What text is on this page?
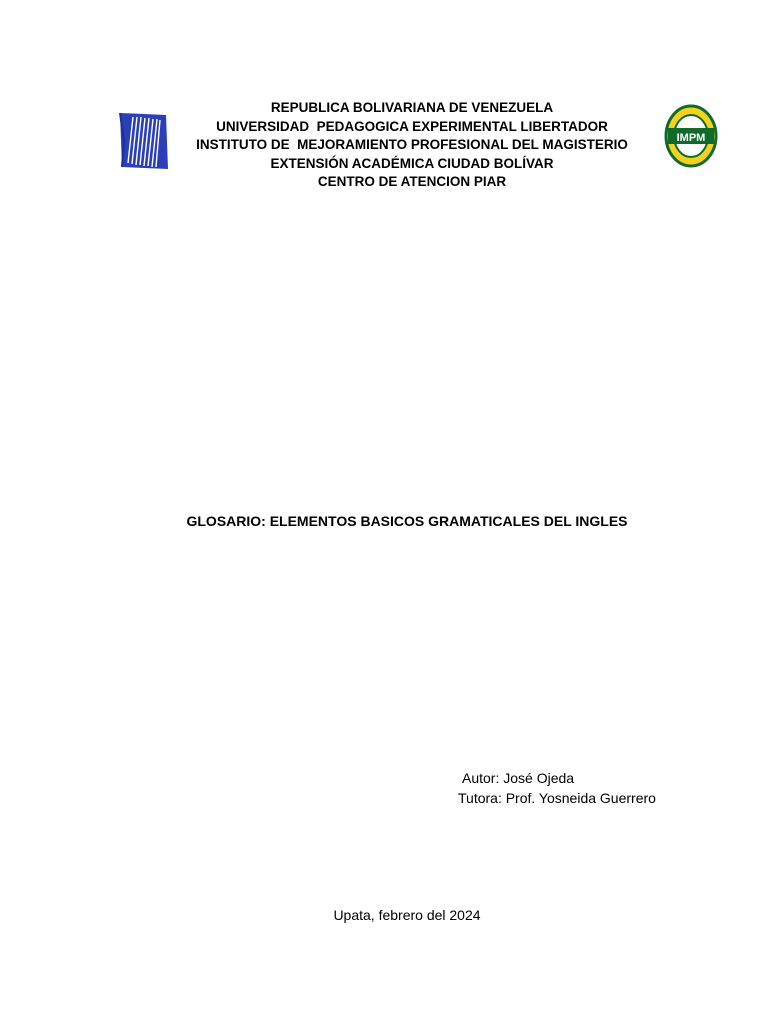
REPUBLICA BOLIVARIANA DE VENEZUELA
UNIVERSIDAD  PEDAGOGICA EXPERIMENTAL LIBERTADOR
INSTITUTO DE  MEJORAMIENTO PROFESIONAL DEL MAGISTERIO
EXTENSIÓN ACADÉMICA CIUDAD BOLÍVAR
CENTRO DE ATENCION PIAR
IMPM
GLOSARIO: ELEMENTOS BASICOS GRAMATICALES DEL INGLES
Autor: José Ojeda
Tutora: Prof. Yosneida Guerrero
Upata, febrero del 2024
